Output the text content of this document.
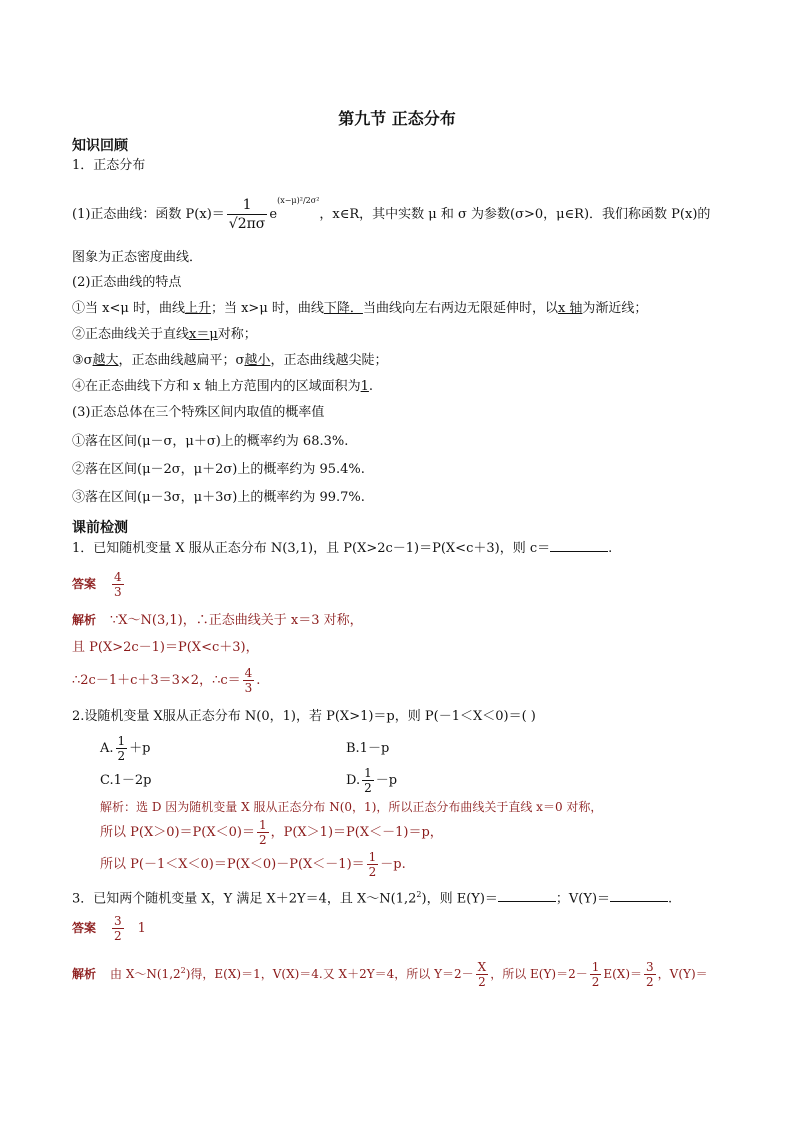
第九节 正态分布
知识回顾
1．正态分布
(1)正态曲线：函数 $P(x)= \frac{1}{√2\pi\sigma} e^{(x-\mu)^2/2\sigma^2}$，x∈R，其中实数 μ 和 σ 为参数(σ>0，μ∈R)．我们称函数 P(x)的
图象为正态密度曲线．
(2)正态曲线的特点
①当 x<μ 时，曲线上升；当 x>μ 时，曲线下降．当曲线向左右两边无限延伸时，以x 轴为渐近线；
②正态曲线关于直线x＝μ对称；
③σ越大，正态曲线越扁平；σ越小，正态曲线越尖陡；
④在正态曲线下方和 x 轴上方范围内的区域面积为1.
(3)正态总体在三个特殊区间内取值的概率值
①落在区间(μ－σ，μ＋σ)上的概率约为 68.3%.
②落在区间(μ－2σ，μ＋2σ)上的概率约为 95.4%.
③落在区间(μ－3σ，μ＋3σ)上的概率约为 99.7%.
课前检测
1．已知随机变量 X 服从正态分布 N(3,1)，且 P(X>2c－1)＝P(X<c＋3)，则 c＝	.
答案 $\frac{4}{3}$
解析 ∵X～N(3,1)，∴正态曲线关于 x＝3 对称，
且 P(X>2c－1)＝P(X<c＋3)，
∴2c－1＋c＋3＝3×2，∴c＝ $\frac{4}{3}$ .
2.设随机变量 X服从正态分布 N(0，1)，若 P(X>1)＝p，则 P(－1＜X＜0)＝( )
A. $\frac{1}{2} +p$	B.1－p
C.1－2p	D. $\frac{1}{2} -p$
解析：选 D 因为随机变量 X 服从正态分布 N(0，1)，所以正态分布曲线关于直线 x＝0 对称，
所以 $P(X>0)=P(X<0)= \frac{1}{2}$ ，P(X＞1)＝P(X＜－1)＝p，
所以 $P(-1<X<0)=P(X<0)-P(X<-1)= \frac{1}{2} -p$.
3．已知两个随机变量 X，Y 满足 X＋2Y＝4，且 $X\sim N(1,2^2)$，则 E(Y)＝	；V(Y)＝	.
答案 $\frac{3}{2} 1$
解析 由 $X\sim N(1,2^2)$得，E(X)＝1，V(X)＝4.又 X＋2Y＝4，所以 $Y=2- \frac{X}{2}$ ，所以 $E(Y)=2- \frac{1}{2} E(X)= \frac{3}{2}$ ，V(Y)＝
